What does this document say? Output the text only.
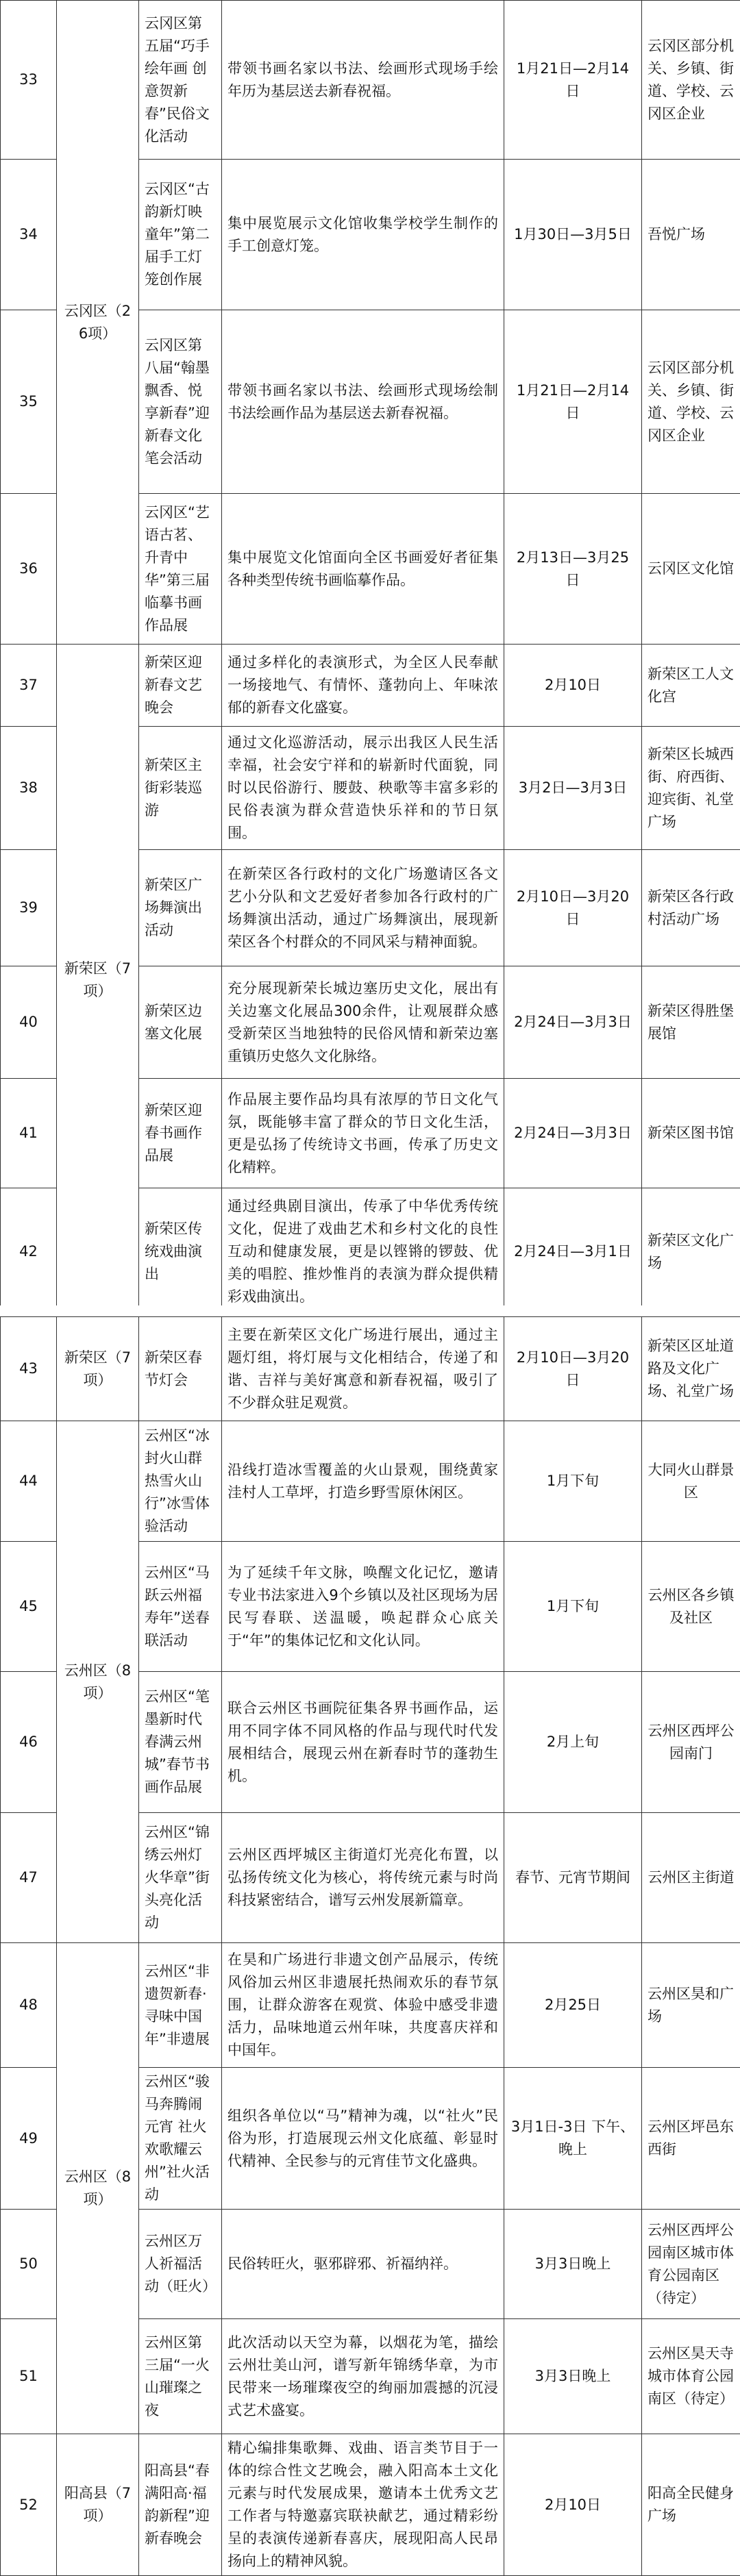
33	云冈区（26项）	云冈区第五届“巧手绘年画 创意贺新春”民俗文化活动	带领书画名家以书法、绘画形式现场手绘年历为基层送去新春祝福。	1月21日—2月14日	云冈区部分机关、乡镇、街道、学校、云冈区企业
34		云冈区“古韵新灯映童年”第二届手工灯笼创作展	集中展览展示文化馆收集学校学生制作的手工创意灯笼。	1月30日—3月5日	吾悦广场
35		云冈区第八届“翰墨飘香、悦享新春”迎新春文化笔会活动	带领书画名家以书法、绘画形式现场绘制书法绘画作品为基层送去新春祝福。	1月21日—2月14日	云冈区部分机关、乡镇、街道、学校、云冈区企业
36		云冈区“艺语古茗、升青中华”第三届临摹书画作品展	集中展览文化馆面向全区书画爱好者征集各种类型传统书画临摹作品。	2月13日—3月25日	云冈区文化馆
37	新荣区（7项）	新荣区迎新春文艺晚会	通过多样化的表演形式，为全区人民奉献一场接地气、有情怀、蓬勃向上、年味浓郁的新春文化盛宴。	2月10日	新荣区工人文化宫
38		新荣区主街彩装巡游	通过文化巡游活动，展示出我区人民生活幸福，社会安宁祥和的崭新时代面貌，同时以民俗游行、腰鼓、秧歌等丰富多彩的民俗表演为群众营造快乐祥和的节日氛围。	3月2日—3月3日	新荣区长城西街、府西街、迎宾街、礼堂广场
39		新荣区广场舞演出活动	在新荣区各行政村的文化广场邀请区各文艺小分队和文艺爱好者参加各行政村的广场舞演出活动，通过广场舞演出，展现新荣区各个村群众的不同风采与精神面貌。	2月10日—3月20日	新荣区各行政村活动广场
40		新荣区边塞文化展	充分展现新荣长城边塞历史文化，展出有关边塞文化展品300余件，让观展群众感受新荣区当地独特的民俗风情和新荣边塞重镇历史悠久文化脉络。	2月24日—3月3日	新荣区得胜堡展馆
41		新荣区迎春书画作品展	作品展主要作品均具有浓厚的节日文化气氛，既能够丰富了群众的节日文化生活，更是弘扬了传统诗文书画，传承了历史文化精粹。	2月24日—3月3日	新荣区图书馆
42		新荣区传统戏曲演出	通过经典剧目演出，传承了中华优秀传统文化，促进了戏曲艺术和乡村文化的良性互动和健康发展，更是以铿锵的锣鼓、优美的唱腔、推炒惟肖的表演为群众提供精彩戏曲演出。	2月24日—3月1日	新荣区文化广场
43	新荣区（7项）	新荣区春节灯会	主要在新荣区文化广场进行展出，通过主题灯组，将灯展与文化相结合，传递了和谐、吉祥与美好寓意和新春祝福，吸引了不少群众驻足观赏。	2月10日—3月20日	新荣区区址道路及文化广场、礼堂广场
44	云州区（8项）	云州区“冰封火山群 热雪火山行”冰雪体验活动	沿线打造冰雪覆盖的火山景观，围绕黄家洼村人工草坪，打造乡野雪原休闲区。	1月下旬	大同火山群景区
45		云州区“马跃云州福寿年”送春联活动	为了延续千年文脉，唤醒文化记忆，邀请专业书法家进入9个乡镇以及社区现场为居民写春联、送温暖，唤起群众心底关于“年”的集体记忆和文化认同。	1月下旬	云州区各乡镇及社区
46		云州区“笔墨新时代 春满云州城”春节书画作品展	联合云州区书画院征集各界书画作品，运用不同字体不同风格的作品与现代时代发展相结合，展现云州在新春时节的蓬勃生机。	2月上旬	云州区西坪公园南门
47		云州区“锦绣云州灯火华章”街头亮化活动	云州区西坪城区主街道灯光亮化布置，以弘扬传统文化为核心，将传统元素与时尚科技紧密结合，谱写云州发展新篇章。	春节、元宵节期间	云州区主街道
48	云州区（8项）	云州区“非遗贺新春·寻味中国年”非遗展	在昊和广场进行非遗文创产品展示，传统风俗加云州区非遗展托热闹欢乐的春节氛围，让群众游客在观赏、体验中感受非遗活力，品味地道云州年味，共度喜庆祥和中国年。	2月25日	云州区昊和广场
49		云州区“骏马奔腾闹元宵 社火欢歌耀云州”社火活动	组织各单位以“马”精神为魂，以“社火”民俗为形，打造展现云州文化底蕴、彰显时代精神、全民参与的元宵佳节文化盛典。	3月1日-3日 下午、晚上	云州区坪邑东西街
50		云州区万人祈福活动（旺火）	民俗转旺火，驱邪辟邪、祈福纳祥。	3月3日晚上	云州区西坪公园南区城市体育公园南区（待定）
51		云州区第三届“一火山璀璨之夜	此次活动以天空为幕，以烟花为笔，描绘云州壮美山河，谱写新年锦绣华章，为市民带来一场璀璨夜空的绚丽加震撼的沉浸式艺术盛宴。	3月3日晚上	云州区昊天寺城市体育公园南区（待定）
52	阳高县（7项）	阳高县“春满阳高·福韵新程”迎新春晚会	精心编排集歌舞、戏曲、语言类节目于一体的综合性文艺晚会，融入阳高本土文化元素与时代发展成果，邀请本土优秀文艺工作者与特邀嘉宾联袂献艺，通过精彩纷呈的表演传递新春喜庆，展现阳高人民昂扬向上的精神风貌。	2月10日	阳高全民健身广场
